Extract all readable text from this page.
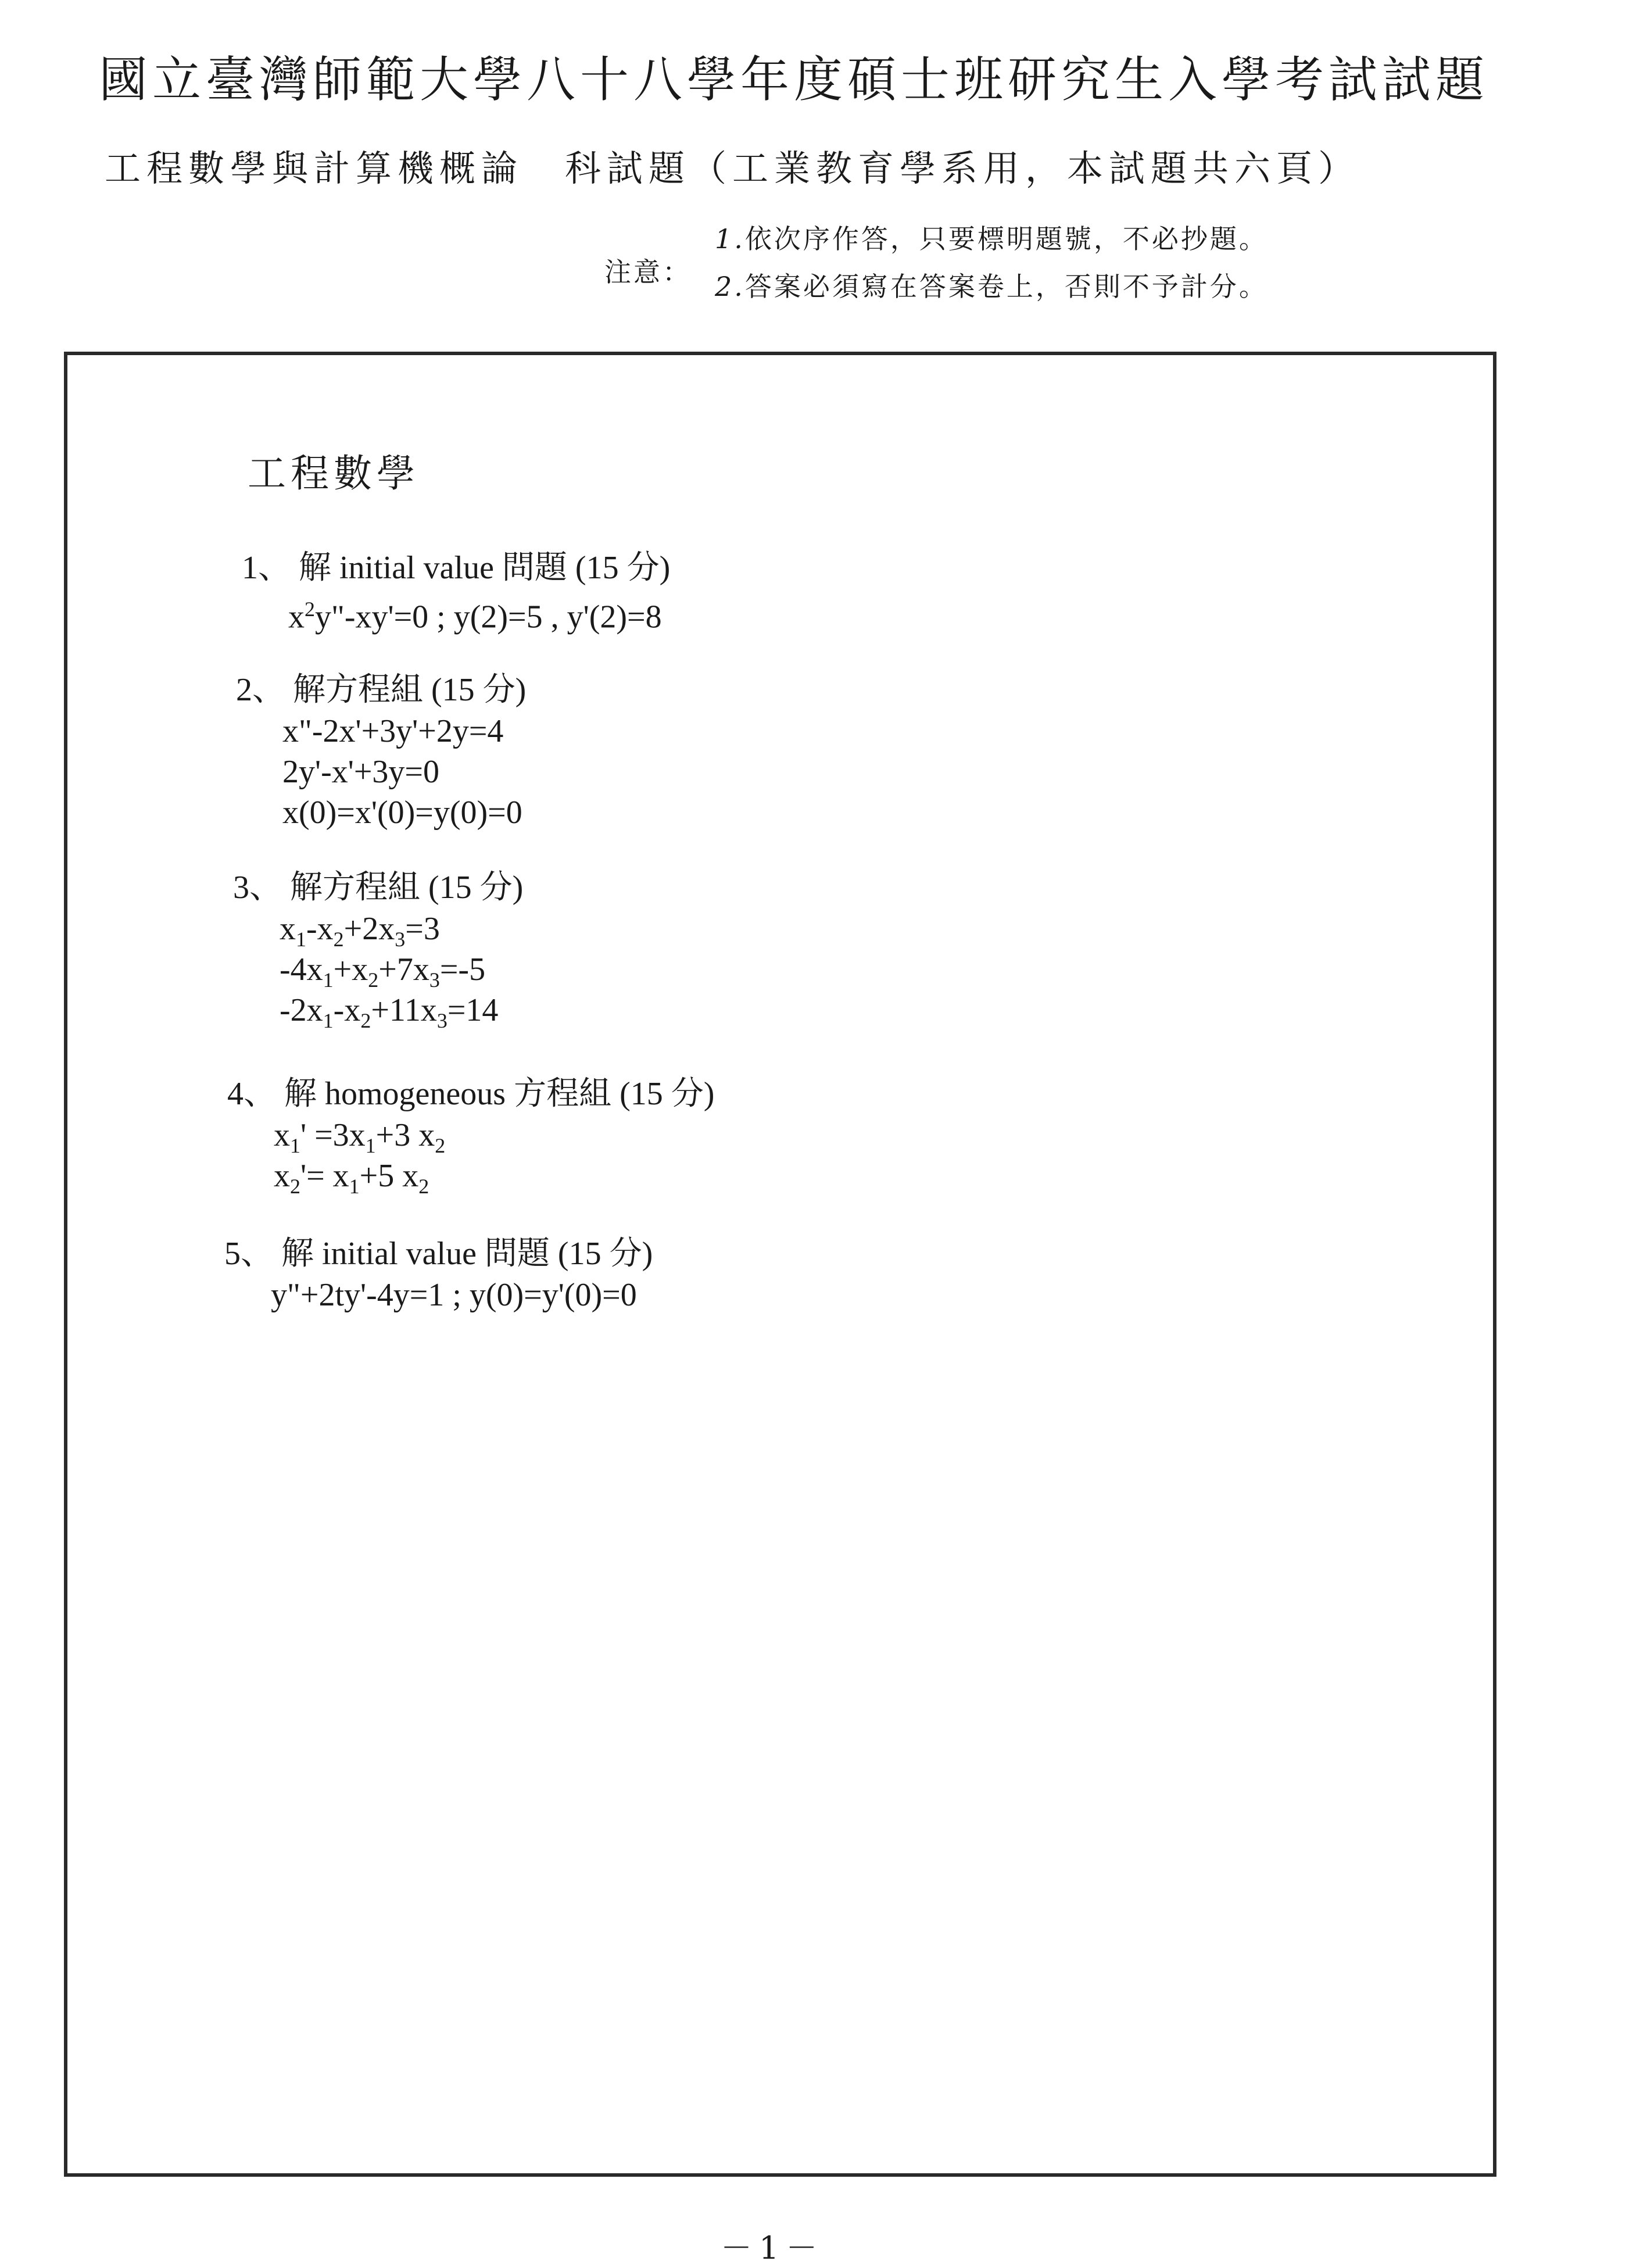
國立臺灣師範大學八十八學年度碩士班研究生入學考試試題
工程數學與計算機概論　科試題（工業教育學系用，本試題共六頁）
注意：
1.依次序作答，只要標明題號，不必抄題。
2.答案必須寫在答案卷上，否則不予計分。
工程數學
1、 解 initial value 問題 (15 分)
$x^2y"-xy'=0$ ; y(2)=5 , y'(2)=8
2、 解方程組 (15 分)
x"-2x'+3y'+2y=4
2y'-x'+3y=0
x(0)=x'(0)=y(0)=0
3、 解方程組 (15 分)
$x_1-x_2+2x_3=3$
$-4x_1+x_2+7x_3=-5$
$-2x_1-x_2+11x_3=14$
4、 解 homogeneous 方程組 (15 分)
$x_1' =3x_1+3$ $x_2$
$x_2'= x_1+5$ $x_2$
5、 解 initial value 問題 (15 分)
y"+2ty'-4y=1 ; y(0)=y'(0)=0
－1－
